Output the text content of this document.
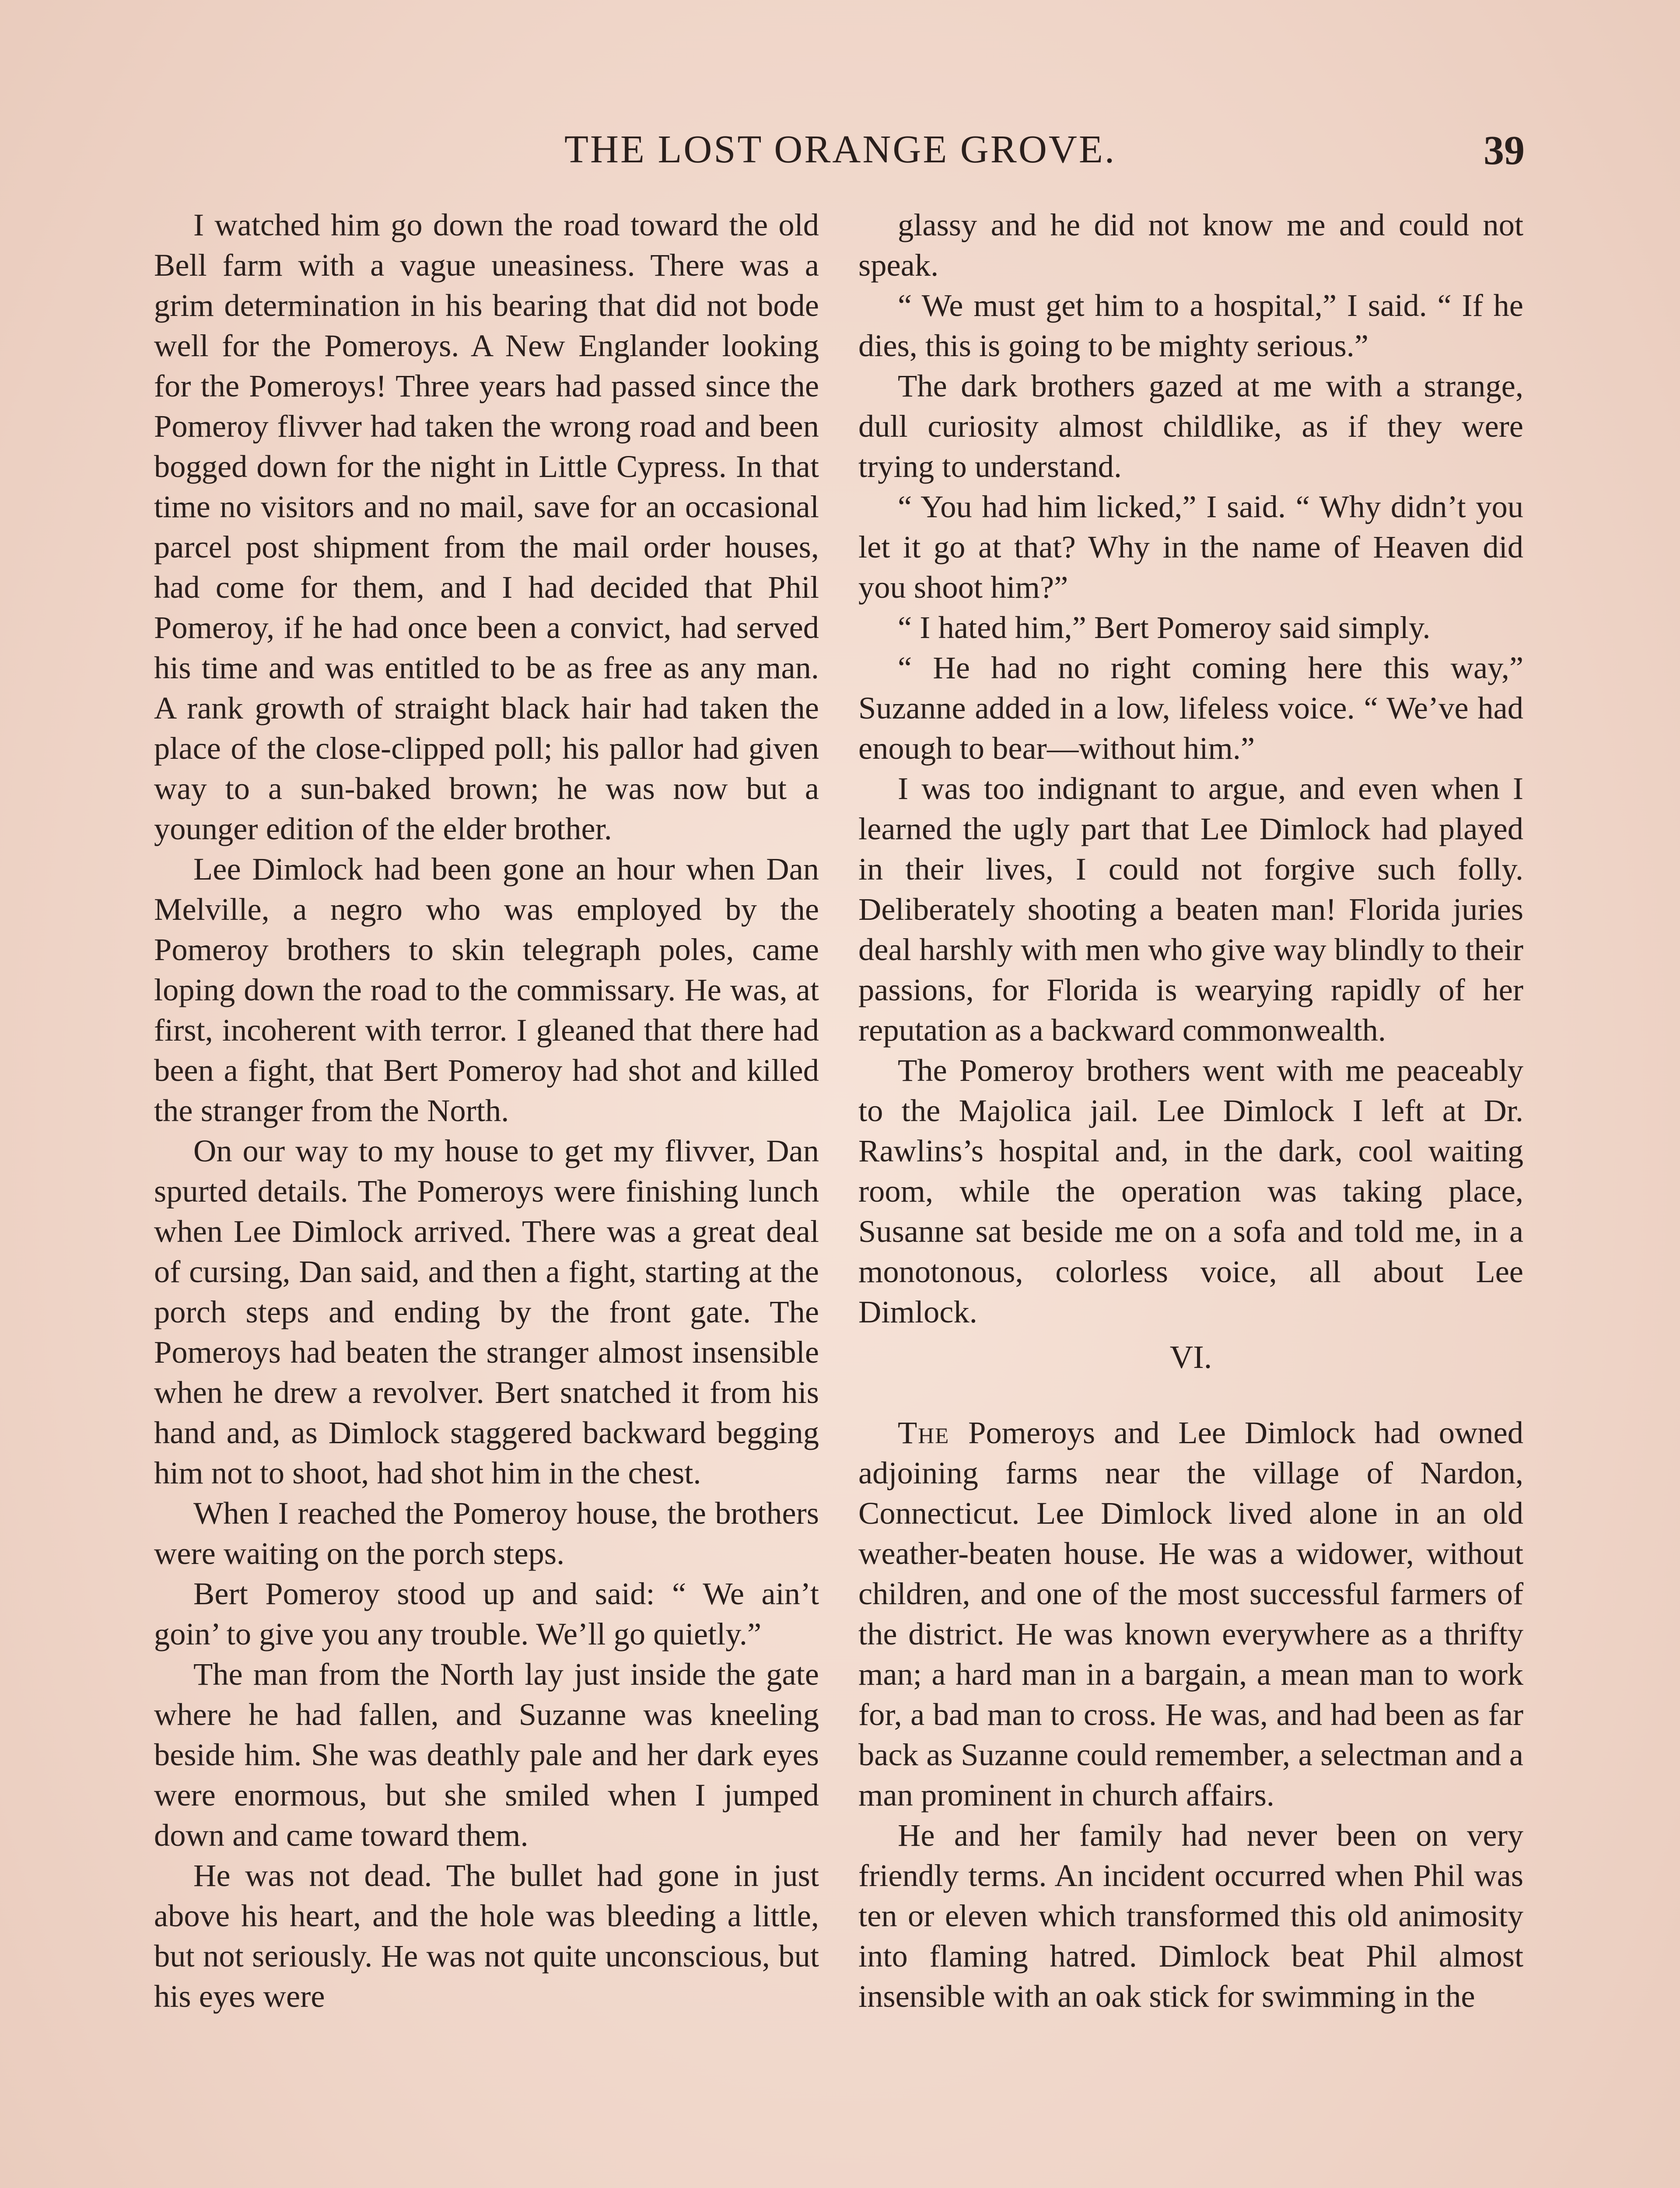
THE LOST ORANGE GROVE.	39

I watched him go down the road toward the old Bell farm with a vague uneasiness. There was a grim determination in his bearing that did not bode well for the Pomeroys. A New Englander looking for the Pomeroys! Three years had passed since the Pomeroy flivver had taken the wrong road and been bogged down for the night in Little Cypress. In that time no visitors and no mail, save for an occasional parcel post shipment from the mail order houses, had come for them, and I had decided that Phil Pomeroy, if he had once been a convict, had served his time and was entitled to be as free as any man. A rank growth of straight black hair had taken the place of the close-clipped poll; his pallor had given way to a sun-baked brown; he was now but a younger edition of the elder brother.

Lee Dimlock had been gone an hour when Dan Melville, a negro who was employed by the Pomeroy brothers to skin telegraph poles, came loping down the road to the commissary. He was, at first, incoherent with terror. I gleaned that there had been a fight, that Bert Pomeroy had shot and killed the stranger from the North.

On our way to my house to get my flivver, Dan spurted details. The Pomeroys were finishing lunch when Lee Dimlock arrived. There was a great deal of cursing, Dan said, and then a fight, starting at the porch steps and ending by the front gate. The Pomeroys had beaten the stranger almost insensible when he drew a revolver. Bert snatched it from his hand and, as Dimlock staggered backward begging him not to shoot, had shot him in the chest.

When I reached the Pomeroy house, the brothers were waiting on the porch steps.

Bert Pomeroy stood up and said: “ We ain’t goin’ to give you any trouble. We’ll go quietly.”

The man from the North lay just inside the gate where he had fallen, and Suzanne was kneeling beside him. She was deathly pale and her dark eyes were enormous, but she smiled when I jumped down and came toward them.

He was not dead. The bullet had gone in just above his heart, and the hole was bleeding a little, but not seriously. He was not quite unconscious, but his eyes were

glassy and he did not know me and could not speak.

“ We must get him to a hospital,” I said. “ If he dies, this is going to be mighty serious.”

The dark brothers gazed at me with a strange, dull curiosity almost childlike, as if they were trying to understand.

“ You had him licked,” I said. “ Why didn’t you let it go at that? Why in the name of Heaven did you shoot him?”

“ I hated him,” Bert Pomeroy said simply.

“ He had no right coming here this way,” Suzanne added in a low, lifeless voice. “ We’ve had enough to bear—without him.”

I was too indignant to argue, and even when I learned the ugly part that Lee Dimlock had played in their lives, I could not forgive such folly. Deliberately shooting a beaten man! Florida juries deal harshly with men who give way blindly to their passions, for Florida is wearying rapidly of her reputation as a backward commonwealth.

The Pomeroy brothers went with me peaceably to the Majolica jail. Lee Dimlock I left at Dr. Rawlins’s hospital and, in the dark, cool waiting room, while the operation was taking place, Susanne sat beside me on a sofa and told me, in a monotonous, colorless voice, all about Lee Dimlock.

VI.

The Pomeroys and Lee Dimlock had owned adjoining farms near the village of Nardon, Connecticut. Lee Dimlock lived alone in an old weather-beaten house. He was a widower, without children, and one of the most successful farmers of the district. He was known everywhere as a thrifty man; a hard man in a bargain, a mean man to work for, a bad man to cross. He was, and had been as far back as Suzanne could remember, a selectman and a man prominent in church affairs.

He and her family had never been on very friendly terms. An incident occurred when Phil was ten or eleven which transformed this old animosity into flaming hatred. Dimlock beat Phil almost insensible with an oak stick for swimming in the
